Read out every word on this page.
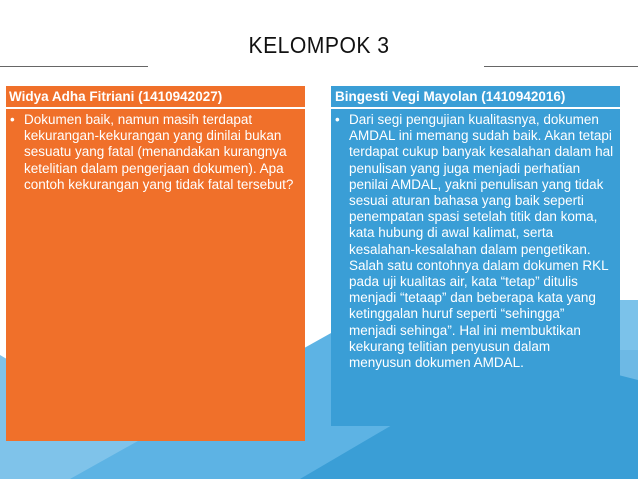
KELOMPOK 3
Widya Adha Fitriani (1410942027)
• Dokumen baik, namun masih terdapat kekurangan-kekurangan yang dinilai bukan sesuatu yang fatal (menandakan kurangnya ketelitian dalam pengerjaan dokumen). Apa contoh kekurangan yang tidak fatal tersebut?
Bingesti Vegi Mayolan (1410942016)
• Dari segi pengujian kualitasnya, dokumen AMDAL ini memang sudah baik. Akan tetapi terdapat cukup banyak kesalahan dalam hal penulisan yang juga menjadi perhatian penilai AMDAL, yakni penulisan yang tidak sesuai aturan bahasa yang baik seperti penempatan spasi setelah titik dan koma, kata hubung di awal kalimat, serta kesalahan-kesalahan dalam pengetikan. Salah satu contohnya dalam dokumen RKL pada uji kualitas air, kata “tetap” ditulis menjadi “tetaap” dan beberapa kata yang ketinggalan huruf seperti “sehingga” menjadi sehinga”. Hal ini membuktikan kekurang telitian penyusun dalam menyusun dokumen AMDAL.
